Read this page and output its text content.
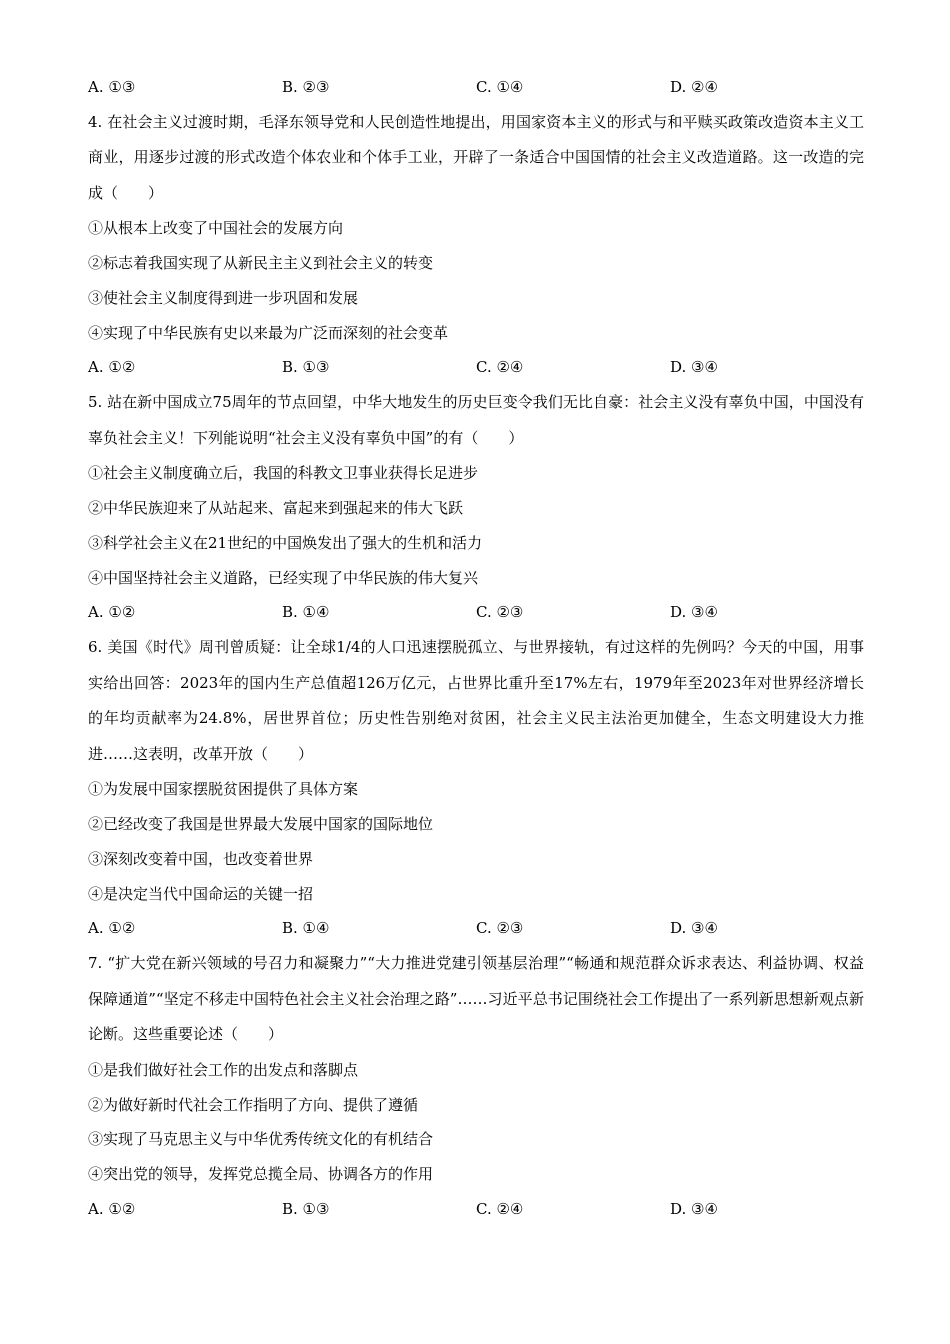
A. ①③	B. ②③	C. ①④	D. ②④
4. 在社会主义过渡时期，毛泽东领导党和人民创造性地提出，用国家资本主义的形式与和平赎买政策改造资本主义工商业，用逐步过渡的形式改造个体农业和个体手工业，开辟了一条适合中国国情的社会主义改造道路。这一改造的完成（　　）
①从根本上改变了中国社会的发展方向
②标志着我国实现了从新民主主义到社会主义的转变
③使社会主义制度得到进一步巩固和发展
④实现了中华民族有史以来最为广泛而深刻的社会变革
A. ①②	B. ①③	C. ②④	D. ③④
5. 站在新中国成立75周年的节点回望，中华大地发生的历史巨变令我们无比自豪：社会主义没有辜负中国，中国没有辜负社会主义！下列能说明“社会主义没有辜负中国”的有（　　）
①社会主义制度确立后，我国的科教文卫事业获得长足进步
②中华民族迎来了从站起来、富起来到强起来的伟大飞跃
③科学社会主义在21世纪的中国焕发出了强大的生机和活力
④中国坚持社会主义道路，已经实现了中华民族的伟大复兴
A. ①②	B. ①④	C. ②③	D. ③④
6. 美国《时代》周刊曾质疑：让全球1/4的人口迅速摆脱孤立、与世界接轨，有过这样的先例吗？今天的中国，用事实给出回答：2023年的国内生产总值超126万亿元，占世界比重升至17%左右，1979年至2023年对世界经济增长的年均贡献率为24.8%，居世界首位；历史性告别绝对贫困，社会主义民主法治更加健全，生态文明建设大力推进……这表明，改革开放（　　）
①为发展中国家摆脱贫困提供了具体方案
②已经改变了我国是世界最大发展中国家的国际地位
③深刻改变着中国，也改变着世界
④是决定当代中国命运的关键一招
A. ①②	B. ①④	C. ②③	D. ③④
7. “扩大党在新兴领域的号召力和凝聚力”“大力推进党建引领基层治理”“畅通和规范群众诉求表达、利益协调、权益保障通道”“坚定不移走中国特色社会主义社会治理之路”……习近平总书记围绕社会工作提出了一系列新思想新观点新论断。这些重要论述（　　）
①是我们做好社会工作的出发点和落脚点
②为做好新时代社会工作指明了方向、提供了遵循
③实现了马克思主义与中华优秀传统文化的有机结合
④突出党的领导，发挥党总揽全局、协调各方的作用
A. ①②	B. ①③	C. ②④	D. ③④
